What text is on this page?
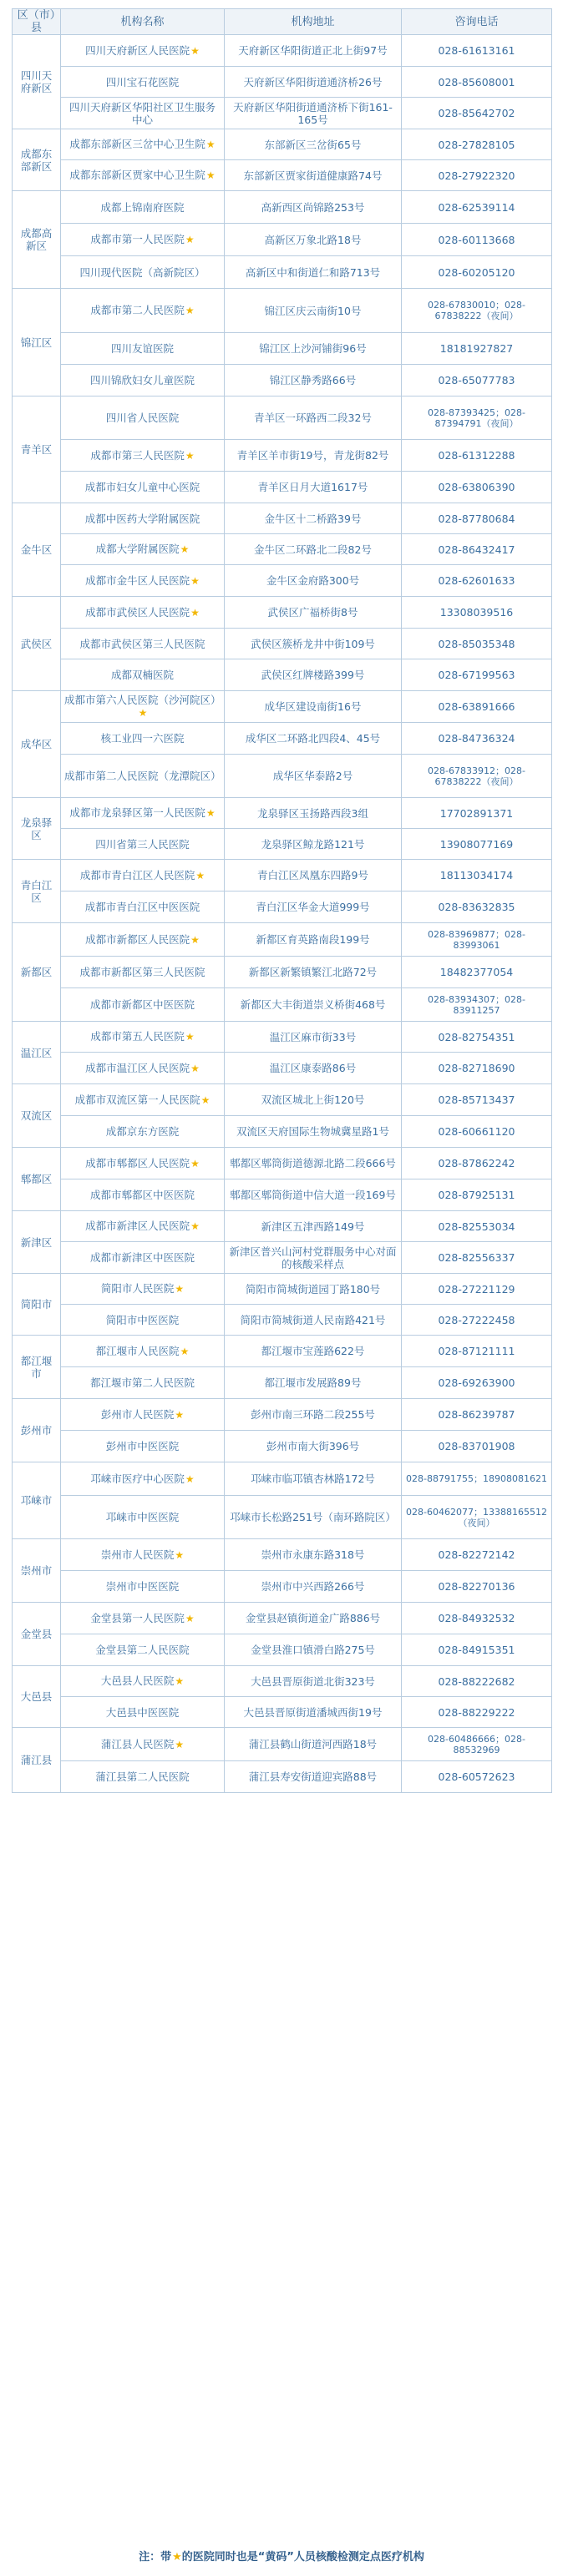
区（市）县	机构名称	机构地址	咨询电话
四川天府新区	四川天府新区人民医院★	天府新区华阳街道正北上街97号	028-61613161
	四川宝石花医院	天府新区华阳街道通济桥26号	028-85608001
	四川天府新区华阳社区卫生服务中心	天府新区华阳街道通济桥下街161-165号	028-85642702
成都东部新区	成都东部新区三岔中心卫生院★	东部新区三岔街65号	028-27828105
	成都东部新区贾家中心卫生院★	东部新区贾家街道健康路74号	028-27922320
成都高新区	成都上锦南府医院	高新西区尚锦路253号	028-62539114
	成都市第一人民医院★	高新区万象北路18号	028-60113668
	四川现代医院（高新院区）	高新区中和街道仁和路713号	028-60205120
锦江区	成都市第二人民医院★	锦江区庆云南街10号	028-67830010；028-67838222（夜间）
	四川友谊医院	锦江区上沙河铺街96号	18181927827
	四川锦欣妇女儿童医院	锦江区静秀路66号	028-65077783
青羊区	四川省人民医院	青羊区一环路西二段32号	028-87393425；028-87394791（夜间）
	成都市第三人民医院★	青羊区羊市街19号，青龙街82号	028-61312288
	成都市妇女儿童中心医院	青羊区日月大道1617号	028-63806390
金牛区	成都中医药大学附属医院	金牛区十二桥路39号	028-87780684
	成都大学附属医院★	金牛区二环路北二段82号	028-86432417
	成都市金牛区人民医院★	金牛区金府路300号	028-62601633
武侯区	成都市武侯区人民医院★	武侯区广福桥街8号	13308039516
	成都市武侯区第三人民医院	武侯区簇桥龙井中街109号	028-85035348
	成都双楠医院	武侯区红牌楼路399号	028-67199563
成华区	成都市第六人民医院（沙河院区）★	成华区建设南街16号	028-63891666
	核工业四一六医院	成华区二环路北四段4、45号	028-84736324
	成都市第二人民医院（龙潭院区）	成华区华泰路2号	028-67833912；028-67838222（夜间）
龙泉驿区	成都市龙泉驿区第一人民医院★	龙泉驿区玉扬路西段3组	17702891371
	四川省第三人民医院	龙泉驿区鲸龙路121号	13908077169
青白江区	成都市青白江区人民医院★	青白江区凤凰东四路9号	18113034174
	成都市青白江区中医医院	青白江区华金大道999号	028-83632835
新都区	成都市新都区人民医院★	新都区育英路南段199号	028-83969877；028-83993061
	成都市新都区第三人民医院	新都区新繁镇繁江北路72号	18482377054
	成都市新都区中医医院	新都区大丰街道崇义桥街468号	028-83934307；028-83911257
温江区	成都市第五人民医院★	温江区麻市街33号	028-82754351
	成都市温江区人民医院★	温江区康泰路86号	028-82718690
双流区	成都市双流区第一人民医院★	双流区城北上街120号	028-85713437
	成都京东方医院	双流区天府国际生物城冀星路1号	028-60661120
郫都区	成都市郫都区人民医院★	郫都区郫筒街道德源北路二段666号	028-87862242
	成都市郫都区中医医院	郫都区郫筒街道中信大道一段169号	028-87925131
新津区	成都市新津区人民医院★	新津区五津西路149号	028-82553034
	成都市新津区中医医院	新津区普兴山河村党群服务中心对面的核酸采样点	028-82556337
简阳市	简阳市人民医院★	简阳市简城街道园丁路180号	028-27221129
	简阳市中医医院	简阳市简城街道人民南路421号	028-27222458
都江堰市	都江堰市人民医院★	都江堰市宝莲路622号	028-87121111
	都江堰市第二人民医院	都江堰市发展路89号	028-69263900
彭州市	彭州市人民医院★	彭州市南三环路二段255号	028-86239787
	彭州市中医医院	彭州市南大街396号	028-83701908
邛崃市	邛崃市医疗中心医院★	邛崃市临邛镇杏林路172号	028-88791755；18908081621
	邛崃市中医医院	邛崃市长松路251号（南环路院区）	028-60462077；13388165512（夜间）
崇州市	崇州市人民医院★	崇州市永康东路318号	028-82272142
	崇州市中医医院	崇州市中兴西路266号	028-82270136
金堂县	金堂县第一人民医院★	金堂县赵镇街道金广路886号	028-84932532
	金堂县第二人民医院	金堂县淮口镇滑白路275号	028-84915351
大邑县	大邑县人民医院★	大邑县晋原街道北街323号	028-88222682
	大邑县中医医院	大邑县晋原街道潘城西街19号	028-88229222
蒲江县	蒲江县人民医院★	蒲江县鹤山街道河西路18号	028-60486666；028-88532969
	蒲江县第二人民医院	蒲江县寿安街道迎宾路88号	028-60572623
注：带★的医院同时也是“黄码”人员核酸检测定点医疗机构
